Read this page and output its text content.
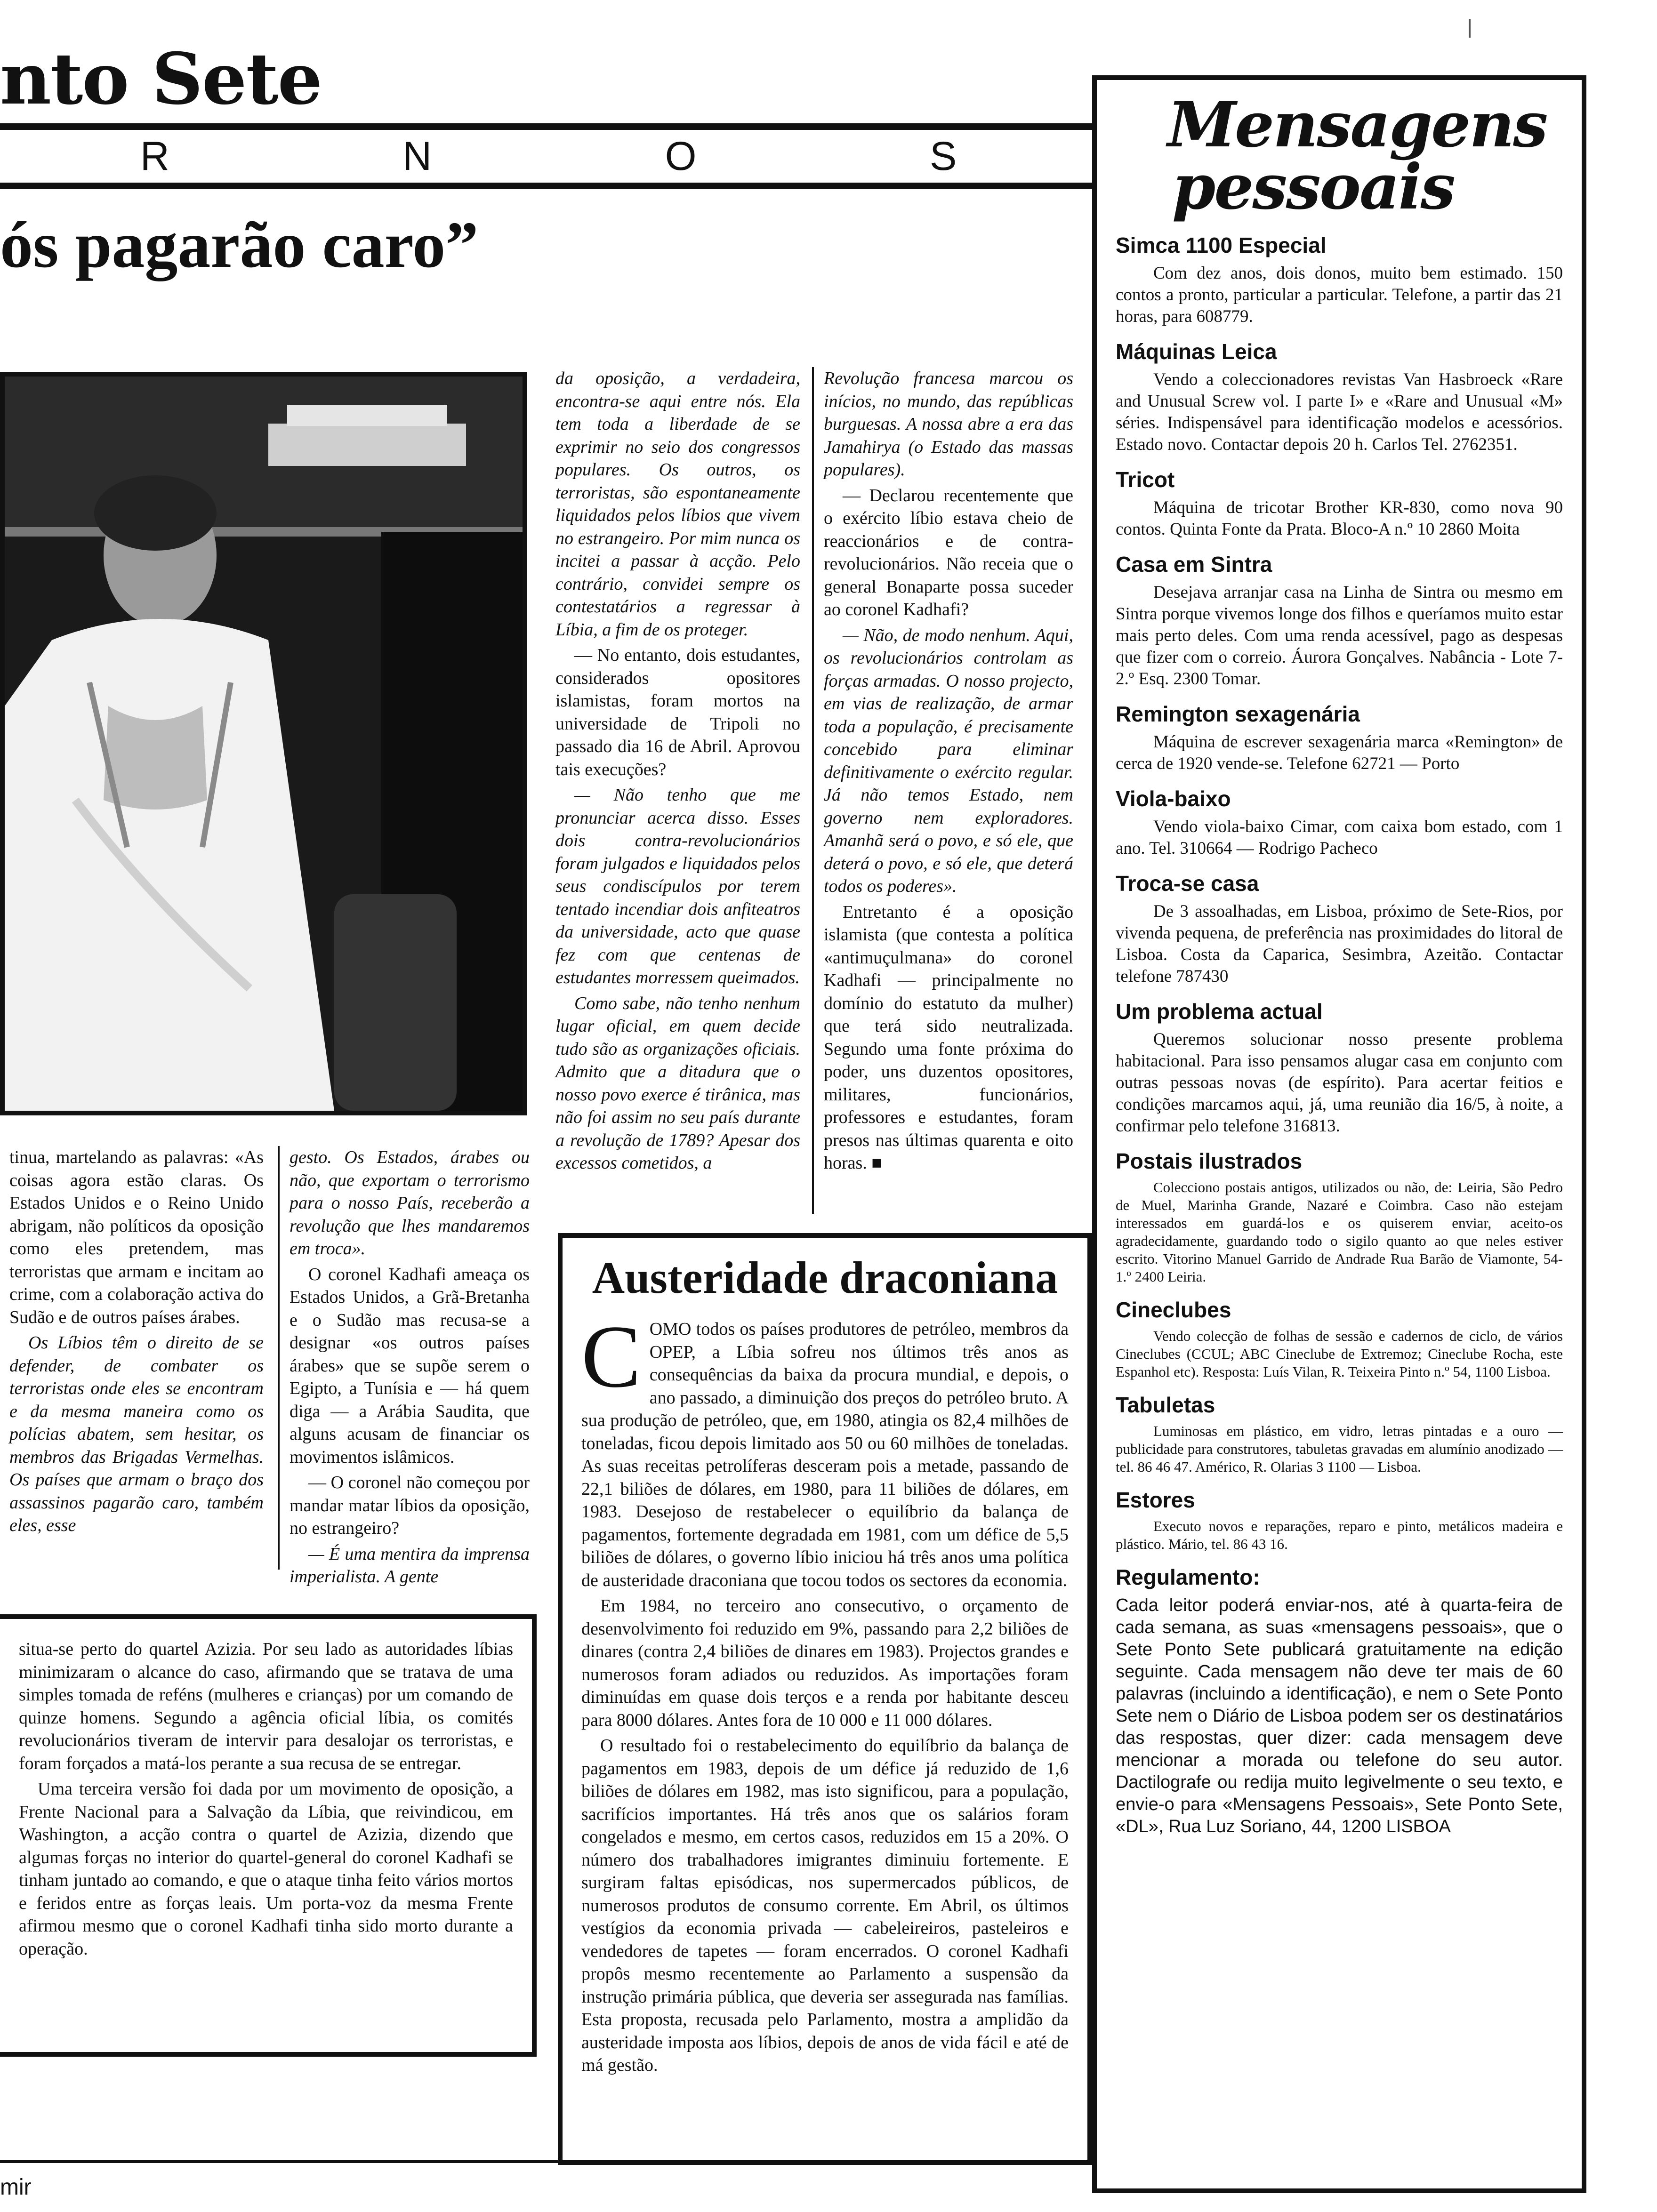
nto Sete
R	N	O	S
ós pagarão caro”

da oposição, a verdadeira, encontra-se aqui entre nós. Ela tem toda a liberdade de se exprimir no seio dos congressos populares. Os outros, os terroristas, são espontaneamente liquidados pelos líbios que vivem no estrangeiro. Por mim nunca os incitei a passar à acção. Pelo contrário, convidei sempre os contestatários a regressar à Líbia, a fim de os proteger.

— No entanto, dois estudantes, considerados opositores islamistas, foram mortos na universidade de Tripoli no passado dia 16 de Abril. Aprovou tais execuções?

— Não tenho que me pronunciar acerca disso. Esses dois contra-revolucionários foram julgados e liquidados pelos seus condiscípulos por terem tentado incendiar dois anfiteatros da universidade, acto que quase fez com que centenas de estudantes morressem queimados.

Como sabe, não tenho nenhum lugar oficial, em quem decide tudo são as organizações oficiais. Admito que a ditadura que o nosso povo exerce é tirânica, mas não foi assim no seu país durante a revolução de 1789? Apesar dos excessos cometidos, a

Revolução francesa marcou os inícios, no mundo, das repúblicas burguesas. A nossa abre a era das Jamahirya (o Estado das massas populares).

— Declarou recentemente que o exército líbio estava cheio de reaccionários e de contra-revolucionários. Não receia que o general Bonaparte possa suceder ao coronel Kadhafi?

— Não, de modo nenhum. Aqui, os revolucionários controlam as forças armadas. O nosso projecto, em vias de realização, de armar toda a população, é precisamente concebido para eliminar definitivamente o exército regular. Já não temos Estado, nem governo nem exploradores. Amanhã será o povo, e só ele, que deterá o povo, e só ele, que deterá todos os poderes».

Entretanto é a oposição islamista (que contesta a política «antimuçulmana» do coronel Kadhafi — principalmente no domínio do estatuto da mulher) que terá sido neutralizada. Segundo uma fonte próxima do poder, uns duzentos opositores, militares, funcionários, professores e estudantes, foram presos nas últimas quarenta e oito horas. ■

tinua, martelando as palavras: «As coisas agora estão claras. Os Estados Unidos e o Reino Unido abrigam, não políticos da oposição como eles pretendem, mas terroristas que armam e incitam ao crime, com a colaboração activa do Sudão e de outros países árabes.

Os Líbios têm o direito de se defender, de combater os terroristas onde eles se encontram e da mesma maneira como os polícias abatem, sem hesitar, os membros das Brigadas Vermelhas. Os países que armam o braço dos assassinos pagarão caro, também eles, esse

gesto. Os Estados, árabes ou não, que exportam o terrorismo para o nosso País, receberão a revolução que lhes mandaremos em troca».

O coronel Kadhafi ameaça os Estados Unidos, a Grã-Bretanha e o Sudão mas recusa-se a designar «os outros países árabes» que se supõe serem o Egipto, a Tunísia e — há quem diga — a Arábia Saudita, que alguns acusam de financiar os movimentos islâmicos.

— O coronel não começou por mandar matar líbios da oposição, no estrangeiro?

— É uma mentira da imprensa imperialista. A gente

situa-se perto do quartel Azizia. Por seu lado as autoridades líbias minimizaram o alcance do caso, afirmando que se tratava de uma simples tomada de reféns (mulheres e crianças) por um comando de quinze homens. Segundo a agência oficial líbia, os comités revolucionários tiveram de intervir para desalojar os terroristas, e foram forçados a matá-los perante a sua recusa de se entregar.

Uma terceira versão foi dada por um movimento de oposição, a Frente Nacional para a Salvação da Líbia, que reivindicou, em Washington, a acção contra o quartel de Azizia, dizendo que algumas forças no interior do quartel-general do coronel Kadhafi se tinham juntado ao comando, e que o ataque tinha feito vários mortos e feridos entre as forças leais. Um porta-voz da mesma Frente afirmou mesmo que o coronel Kadhafi tinha sido morto durante a operação.

Austeridade draconiana

COMO todos os países produtores de petróleo, membros da OPEP, a Líbia sofreu nos últimos três anos as consequências da baixa da procura mundial, e depois, o ano passado, a diminuição dos preços do petróleo bruto. A sua produção de petróleo, que, em 1980, atingia os 82,4 milhões de toneladas, ficou depois limitado aos 50 ou 60 milhões de toneladas. As suas receitas petrolíferas desceram pois a metade, passando de 22,1 biliões de dólares, em 1980, para 11 biliões de dólares, em 1983. Desejoso de restabelecer o equilíbrio da balança de pagamentos, fortemente degradada em 1981, com um défice de 5,5 biliões de dólares, o governo líbio iniciou há três anos uma política de austeridade draconiana que tocou todos os sectores da economia.

Em 1984, no terceiro ano consecutivo, o orçamento de desenvolvimento foi reduzido em 9%, passando para 2,2 biliões de dinares (contra 2,4 biliões de dinares em 1983). Projectos grandes e numerosos foram adiados ou reduzidos. As importações foram diminuídas em quase dois terços e a renda por habitante desceu para 8000 dólares. Antes fora de 10 000 e 11 000 dólares.

O resultado foi o restabelecimento do equilíbrio da balança de pagamentos em 1983, depois de um défice já reduzido de 1,6 biliões de dólares em 1982, mas isto significou, para a população, sacrifícios importantes. Há três anos que os salários foram congelados e mesmo, em certos casos, reduzidos em 15 a 20%. O número dos trabalhadores imigrantes diminuiu fortemente. E surgiram faltas episódicas, nos supermercados públicos, de numerosos produtos de consumo corrente. Em Abril, os últimos vestígios da economia privada — cabeleireiros, pasteleiros e vendedores de tapetes — foram encerrados. O coronel Kadhafi propôs mesmo recentemente ao Parlamento a suspensão da instrução primária pública, que deveria ser assegurada nas famílias. Esta proposta, recusada pelo Parlamento, mostra a amplidão da austeridade imposta aos líbios, depois de anos de vida fácil e até de má gestão.

Mensagens
pessoais
Simca 1100 Especial

Com dez anos, dois donos, muito bem estimado. 150 contos a pronto, particular a particular. Telefone, a partir das 21 horas, para 608779.

Máquinas Leica

Vendo a coleccionadores revistas Van Hasbroeck «Rare and Unusual Screw vol. I parte I» e «Rare and Unusual «M» séries. Indispensável para identificação modelos e acessórios. Estado novo. Contactar depois 20 h. Carlos Tel. 2762351.

Tricot

Máquina de tricotar Brother KR-830, como nova 90 contos. Quinta Fonte da Prata. Bloco-A n.º 10 2860 Moita

Casa em Sintra

Desejava arranjar casa na Linha de Sintra ou mesmo em Sintra porque vivemos longe dos filhos e queríamos muito estar mais perto deles. Com uma renda acessível, pago as despesas que fizer com o correio. Áurora Gonçalves. Nabância - Lote 7-2.º Esq. 2300 Tomar.

Remington sexagenária

Máquina de escrever sexagenária marca «Remington» de cerca de 1920 vende-se. Telefone 62721 — Porto

Viola-baixo

Vendo viola-baixo Cimar, com caixa bom estado, com 1 ano. Tel. 310664 — Rodrigo Pacheco

Troca-se casa

De 3 assoalhadas, em Lisboa, próximo de Sete-Rios, por vivenda pequena, de preferência nas proximidades do litoral de Lisboa. Costa da Caparica, Sesimbra, Azeitão. Contactar telefone 787430

Um problema actual

Queremos solucionar nosso presente problema habitacional. Para isso pensamos alugar casa em conjunto com outras pessoas novas (de espírito). Para acertar feitios e condições marcamos aqui, já, uma reunião dia 16/5, à noite, a confirmar pelo telefone 316813.

Postais ilustrados

Colecciono postais antigos, utilizados ou não, de: Leiria, São Pedro de Muel, Marinha Grande, Nazaré e Coimbra. Caso não estejam interessados em guardá-los e os quiserem enviar, aceito-os agradecidamente, guardando todo o sigilo quanto ao que neles estiver escrito. Vitorino Manuel Garrido de Andrade Rua Barão de Viamonte, 54-1.º 2400 Leiria.

Cineclubes

Vendo colecção de folhas de sessão e cadernos de ciclo, de vários Cineclubes (CCUL; ABC Cineclube de Extremoz; Cineclube Rocha, este Espanhol etc). Resposta: Luís Vilan, R. Teixeira Pinto n.º 54, 1100 Lisboa.

Tabuletas

Luminosas em plástico, em vidro, letras pintadas e a ouro — publicidade para construtores, tabuletas gravadas em alumínio anodizado — tel. 86 46 47. Américo, R. Olarias 3 1100 — Lisboa.

Estores

Executo novos e reparações, reparo e pinto, metálicos madeira e plástico. Mário, tel. 86 43 16.

Regulamento:

Cada leitor poderá enviar-nos, até à quarta-feira de cada semana, as suas «mensagens pessoais», que o Sete Ponto Sete publicará gratuitamente na edição seguinte. Cada mensagem não deve ter mais de 60 palavras (incluindo a identificação), e nem o Sete Ponto Sete nem o Diário de Lisboa podem ser os destinatários das respostas, quer dizer: cada mensagem deve mencionar a morada ou telefone do seu autor. Dactilografe ou redija muito legivelmente o seu texto, e envie-o para «Mensagens Pessoais», Sete Ponto Sete, «DL», Rua Luz Soriano, 44, 1200 LISBOA

mir
